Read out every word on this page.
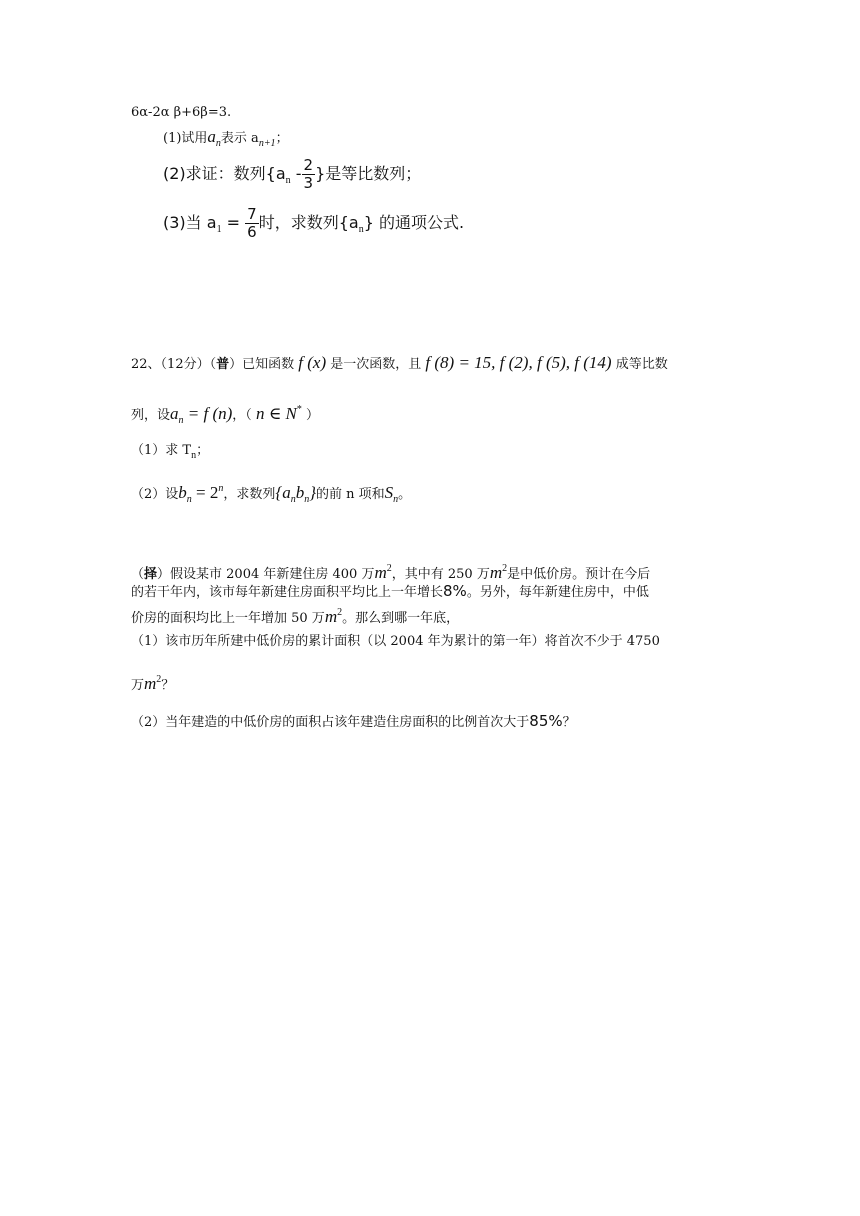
6α-2α β+6β=3.
(1)试用$a_n$表示 $a_{n+1}$；
(2)求证：数列{$a_n - \frac{2}{3}$ }是等比数列；
(3)当 $a_1 = \frac{7}{6}$ 时，求数列$\{a_n\}$ 的通项公式.
22、（12分）（普）已知函数 f (x) 是一次函数，且 f (8) = 15, f (2), f (5), f (14) 成等比数
列，设$a_n = f$ (n)，（ n ∈ N* ）
（1）求 $T_n$；
（2）设$b_n = 2^n$，求数列$\{a_nb_n\}$的前 n 项和$S_n$。
（择）假设某市 2004 年新建住房 400 万$m^2$，其中有 250 万$m^2$是中低价房。预计在今后
的若干年内，该市每年新建住房面积平均比上一年增长8%。另外，每年新建住房中，中低
价房的面积均比上一年增加 50 万$m^2$。那么到哪一年底，
（1）该市历年所建中低价房的累计面积（以 2004 年为累计的第一年）将首次不少于 4750
万$m^2$？
（2）当年建造的中低价房的面积占该年建造住房面积的比例首次大于85%？
